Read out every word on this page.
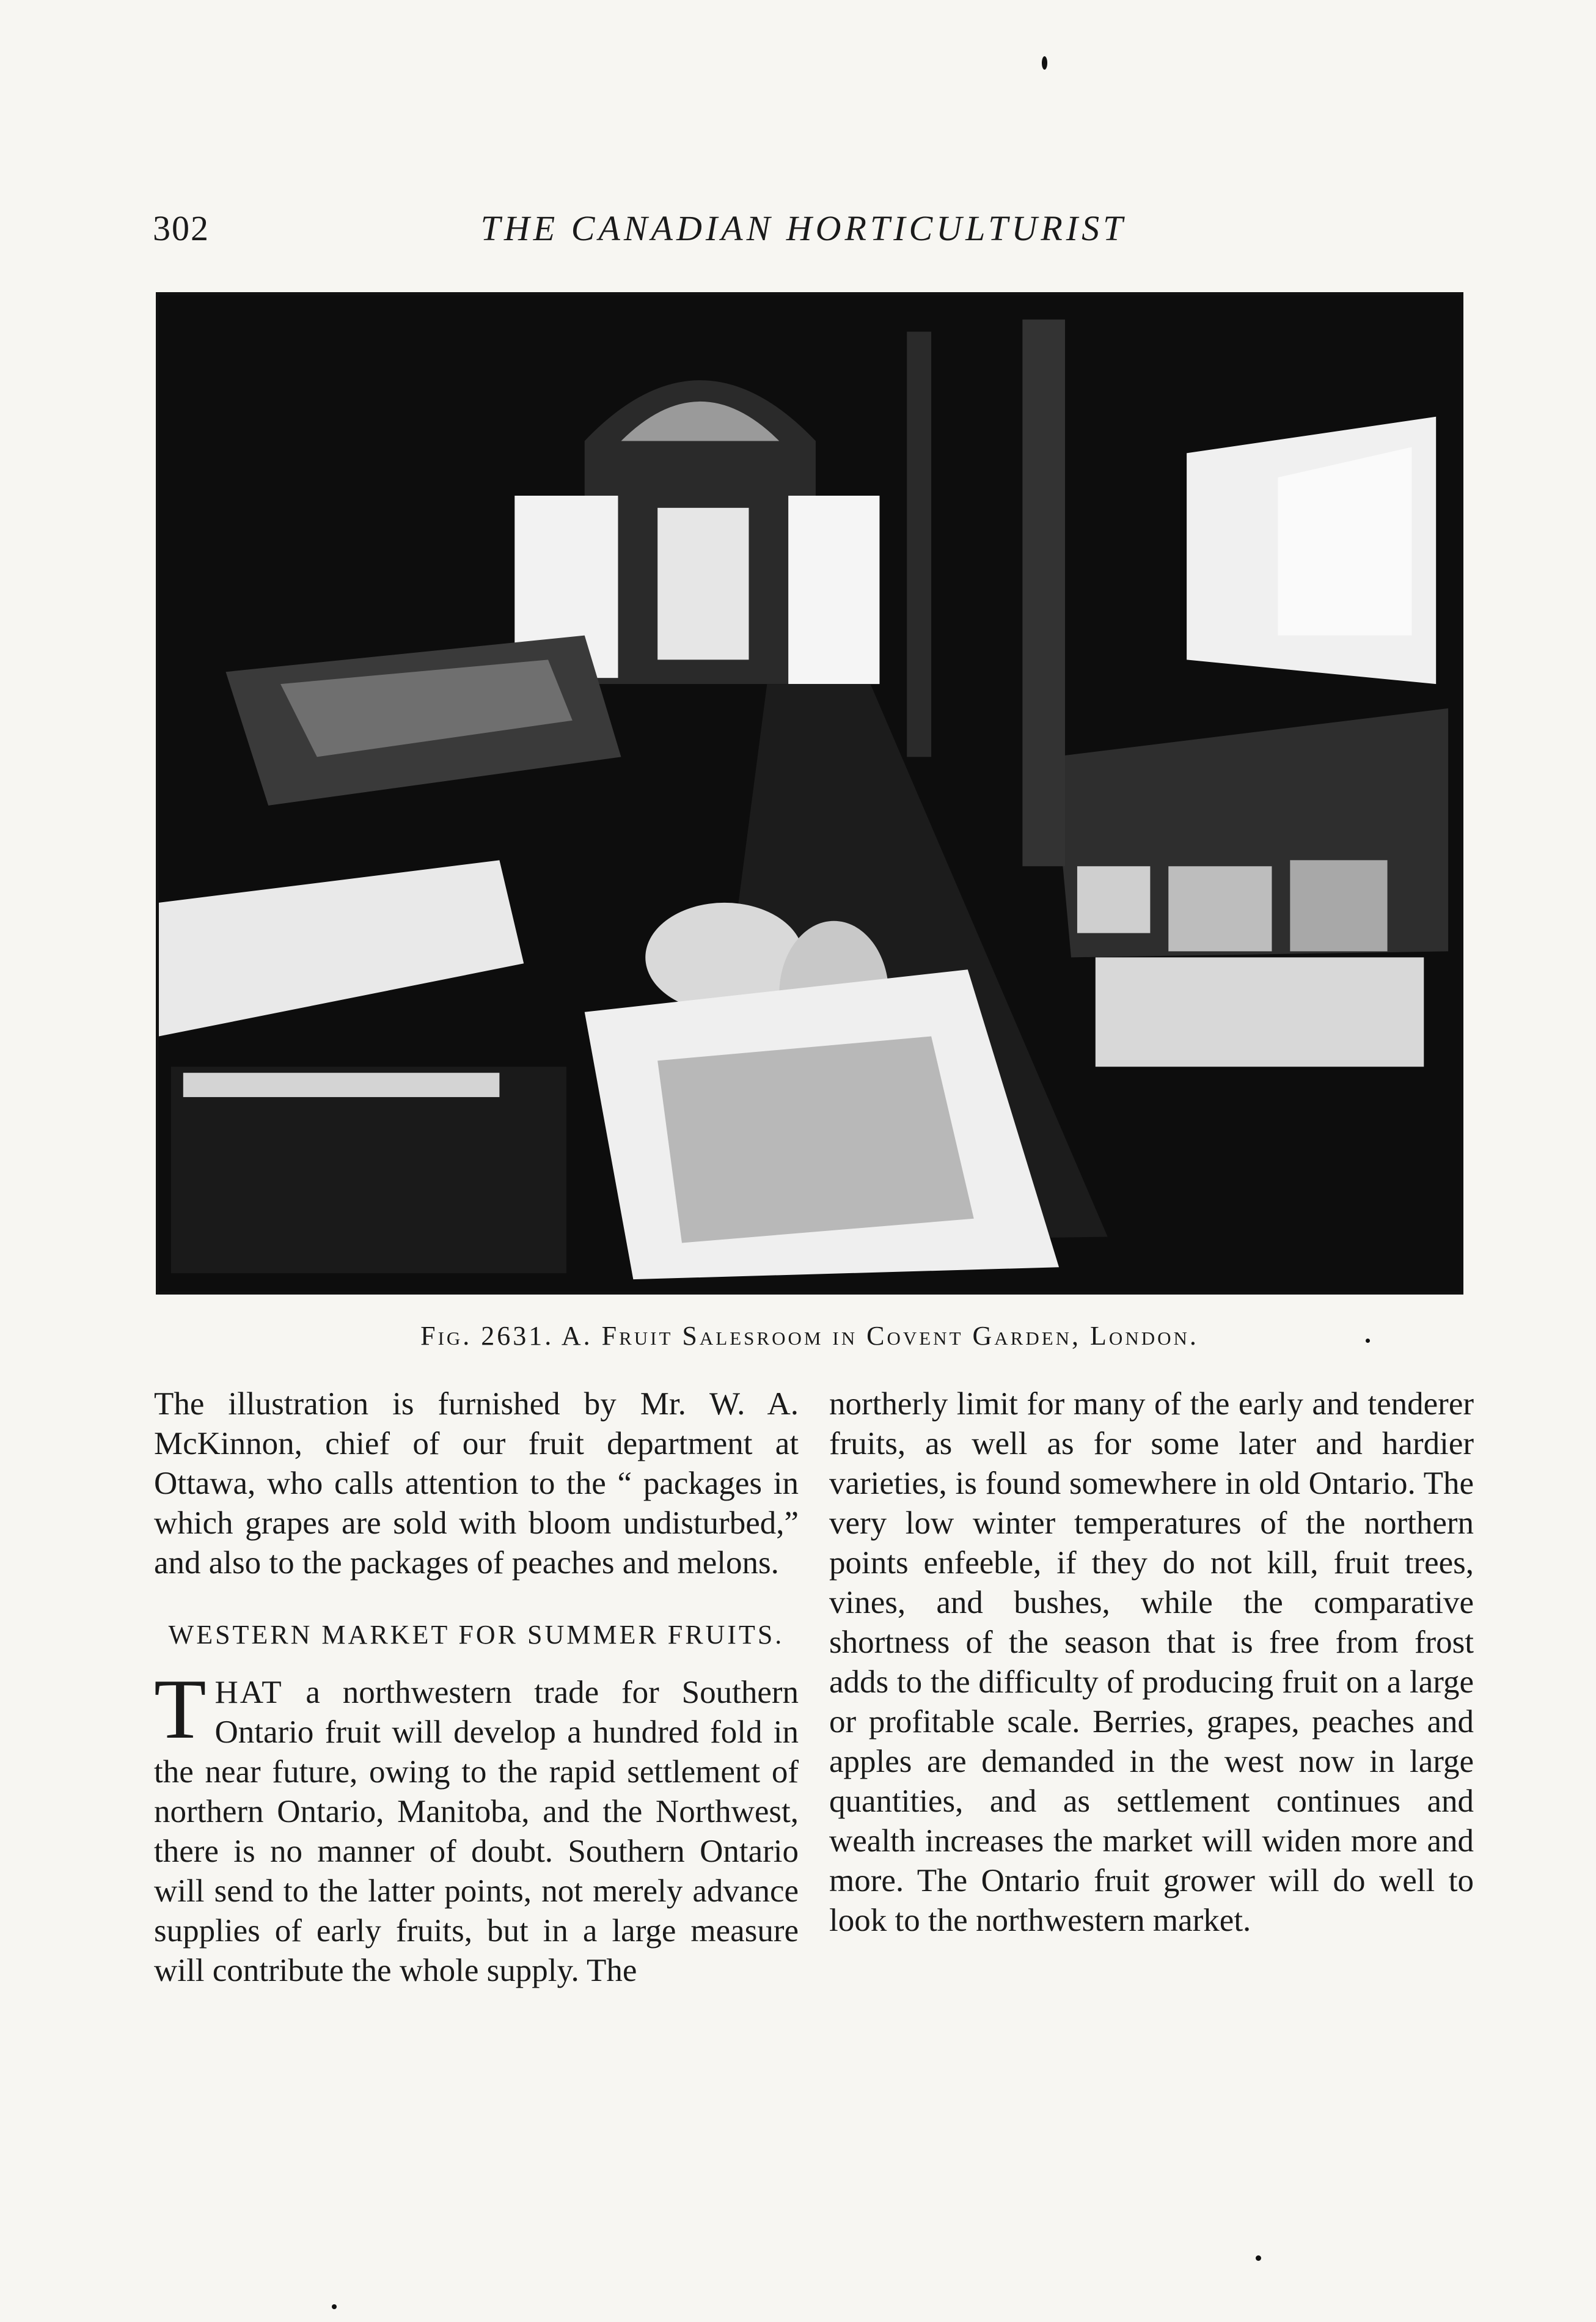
302	THE CANADIAN HORTICULTURIST
Fig. 2631. A. Fruit Salesroom in Covent Garden, London.

The illustration is furnished by Mr. W. A. McKinnon, chief of our fruit department at Ottawa, who calls attention to the “ packages in which grapes are sold with bloom undisturbed,” and also to the packages of peaches and melons.

WESTERN MARKET FOR SUMMER FRUITS.

THAT a northwestern trade for Southern Ontario fruit will develop a hundred fold in the near future, owing to the rapid settlement of northern Ontario, Manitoba, and the Northwest, there is no manner of doubt. Southern Ontario will send to the latter points, not merely advance supplies of early fruits, but in a large measure will contribute the whole supply. The

northerly limit for many of the early and tenderer fruits, as well as for some later and hardier varieties, is found somewhere in old Ontario. The very low winter temperatures of the northern points enfeeble, if they do not kill, fruit trees, vines, and bushes, while the comparative shortness of the season that is free from frost adds to the difficulty of producing fruit on a large or profitable scale. Berries, grapes, peaches and apples are demanded in the west now in large quantities, and as settlement continues and wealth increases the market will widen more and more. The Ontario fruit grower will do well to look to the northwestern market.
